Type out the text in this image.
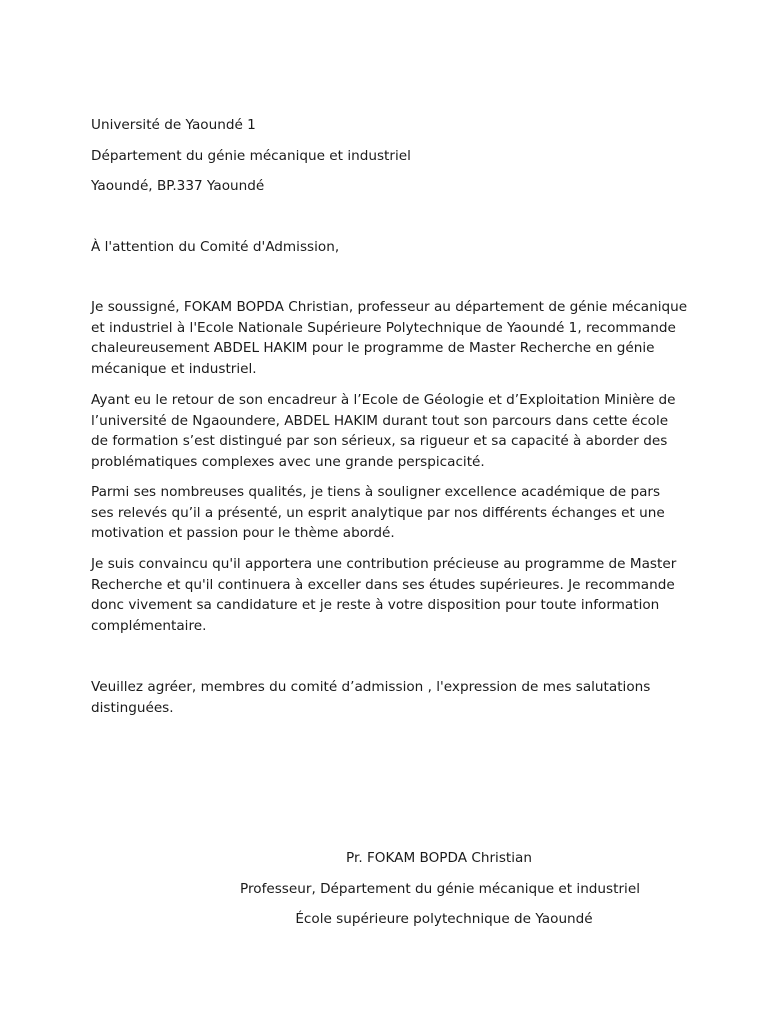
Université de Yaoundé 1
Département du génie mécanique et industriel
Yaoundé, BP.337 Yaoundé
À l'attention du Comité d'Admission,
Je soussigné, FOKAM BOPDA Christian, professeur au département de génie mécanique
et industriel à l'Ecole Nationale Supérieure Polytechnique de Yaoundé 1, recommande
chaleureusement ABDEL HAKIM pour le programme de Master Recherche en génie
mécanique et industriel.
Ayant eu le retour de son encadreur à l’Ecole de Géologie et d’Exploitation Minière de
l’université de Ngaoundere, ABDEL HAKIM durant tout son parcours dans cette école
de formation s’est distingué par son sérieux, sa rigueur et sa capacité à aborder des
problématiques complexes avec une grande perspicacité.
Parmi ses nombreuses qualités, je tiens à souligner excellence académique de pars
ses relevés qu’il a présenté, un esprit analytique par nos différents échanges et une
motivation et passion pour le thème abordé.
Je suis convaincu qu'il apportera une contribution précieuse au programme de Master
Recherche et qu'il continuera à exceller dans ses études supérieures. Je recommande
donc vivement sa candidature et je reste à votre disposition pour toute information
complémentaire.
Veuillez agréer, membres du comité d’admission , l'expression de mes salutations
distinguées.
Pr. FOKAM BOPDA Christian
Professeur, Département du génie mécanique et industriel
École supérieure polytechnique de Yaoundé
